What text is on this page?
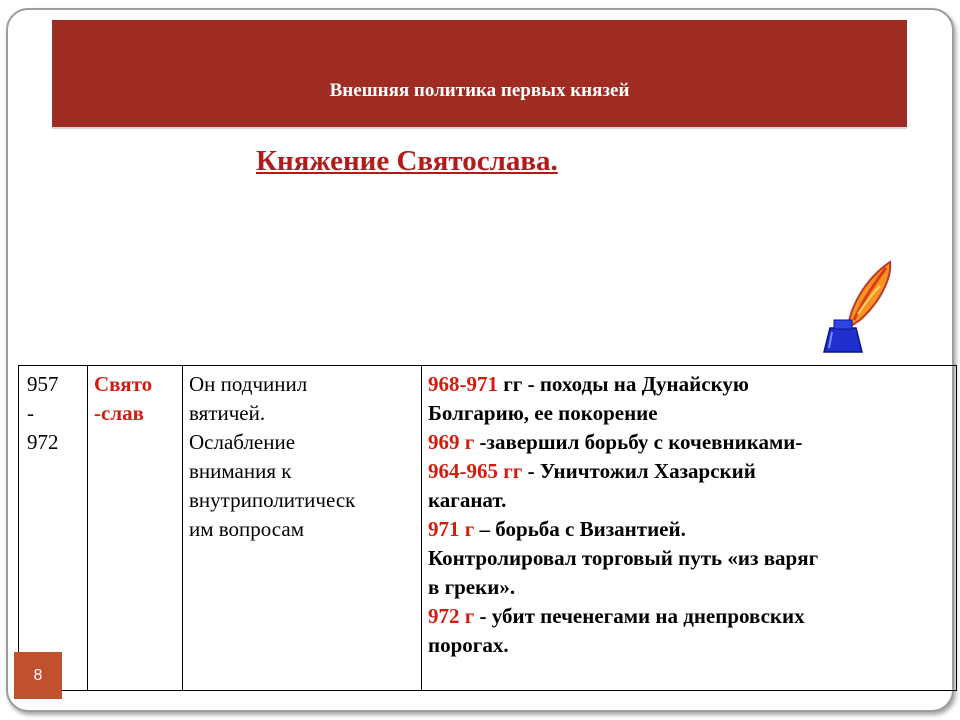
Внешняя политика первых князей
Княжение Святослава.
957
-
972

Свято
-слав

Он подчинил
вятичей.
Ослабление
внимания к
внутриполитическ
им вопросам

968-971 гг - походы на Дунайскую
Болгарию, ее покорение
969 г -завершил борьбу с кочевниками-
964-965 гг - Уничтожил Хазарский
каганат.
971 г – борьба с Византией.
Контролировал торговый путь «из варяг
в греки».
972 г - убит печенегами на днепровских
порогах.
8
